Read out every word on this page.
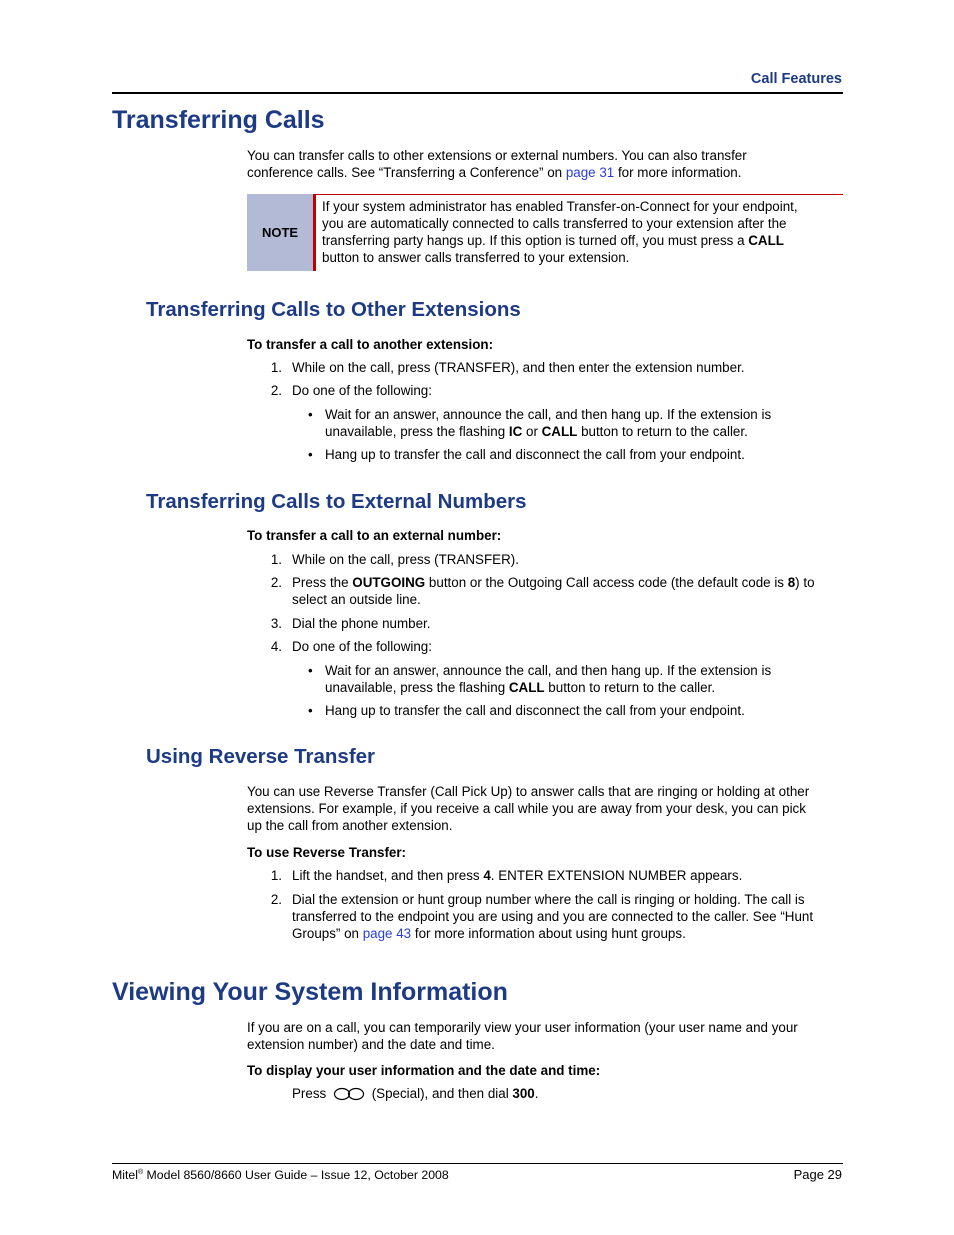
Call Features
Transferring Calls
You can transfer calls to other extensions or external numbers. You can also transfer
conference calls. See “Transferring a Conference” on page 31 for more information.
NOTE
If your system administrator has enabled Transfer-on-Connect for your endpoint,
you are automatically connected to calls transferred to your extension after the
transferring party hangs up. If this option is turned off, you must press a CALL
button to answer calls transferred to your extension.
Transferring Calls to Other Extensions
To transfer a call to another extension:
1. While on the call, press (TRANSFER), and then enter the extension number.
2. Do one of the following:
• Wait for an answer, announce the call, and then hang up. If the extension is
unavailable, press the flashing IC or CALL button to return to the caller.
• Hang up to transfer the call and disconnect the call from your endpoint.
Transferring Calls to External Numbers
To transfer a call to an external number:
1. While on the call, press (TRANSFER).
2. Press the OUTGOING button or the Outgoing Call access code (the default code is 8) to
select an outside line.
3. Dial the phone number.
4. Do one of the following:
• Wait for an answer, announce the call, and then hang up. If the extension is
unavailable, press the flashing CALL button to return to the caller.
• Hang up to transfer the call and disconnect the call from your endpoint.
Using Reverse Transfer
You can use Reverse Transfer (Call Pick Up) to answer calls that are ringing or holding at other
extensions. For example, if you receive a call while you are away from your desk, you can pick
up the call from another extension.
To use Reverse Transfer:
1. Lift the handset, and then press 4. ENTER EXTENSION NUMBER appears.
2. Dial the extension or hunt group number where the call is ringing or holding. The call is
transferred to the endpoint you are using and you are connected to the caller. See “Hunt
Groups” on page 43 for more information about using hunt groups.
Viewing Your System Information
If you are on a call, you can temporarily view your user information (your user name and your
extension number) and the date and time.
To display your user information and the date and time:
Press	(Special), and then dial 300.
Mitel® Model 8560/8660 User Guide – Issue 12, October 2008	Page 29
